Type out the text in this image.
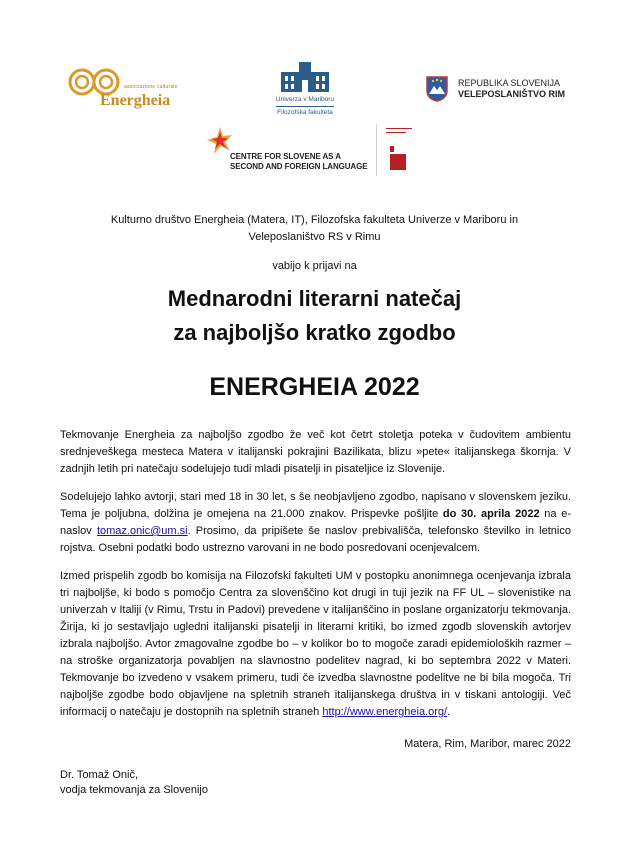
associazione culturale
Energheia	Univerza v Mariboru
Filozofska fakulteta
REPUBLIKA SLOVENIJA
VELEPOSLANIŠTVO RIM
CENTRE FOR SLOVENE AS A
SECOND AND FOREIGN LANGUAGE
Kulturno društvo Energheia (Matera, IT), Filozofska fakulteta Univerze v Mariboru in
Veleposlaništvo RS v Rimu
vabijo k prijavi na
Mednarodni literarni natečaj
za najboljšo kratko zgodbo
ENERGHEIA 2022
Tekmovanje Energheia za najboljšo zgodbo že več kot četrt stoletja poteka v čudovitem ambientu srednjeveškega mesteca Matera v italijanski pokrajini Bazilikata, blizu »pete« italijanskega škornja. V zadnjih letih pri natečaju sodelujejo tudi mladi pisatelji in pisateljice iz Slovenije.
Sodelujejo lahko avtorji, stari med 18 in 30 let, s še neobjavljeno zgodbo, napisano v slovenskem jeziku. Tema je poljubna, dolžina je omejena na 21.000 znakov. Prispevke pošljite do 30. aprila 2022 na e-naslov tomaz.onic@um.si. Prosimo, da pripišete še naslov prebivališča, telefonsko številko in letnico rojstva. Osebni podatki bodo ustrezno varovani in ne bodo posredovani ocenjevalcem.
Izmed prispelih zgodb bo komisija na Filozofski fakulteti UM v postopku anonimnega ocenjevanja izbrala tri najboljše, ki bodo s pomočjo Centra za slovenščino kot drugi in tuji jezik na FF UL – slovenistike na univerzah v Italiji (v Rimu, Trstu in Padovi) prevedene v italijanščino in poslane organizatorju tekmovanja. Žirija, ki jo sestavljajo ugledni italijanski pisatelji in literarni kritiki, bo izmed zgodb slovenskih avtorjev izbrala najboljšo. Avtor zmagovalne zgodbe bo – v kolikor bo to mogoče zaradi epidemioloških razmer – na stroške organizatorja povabljen na slavnostno podelitev nagrad, ki bo septembra 2022 v Materi. Tekmovanje bo izvedeno v vsakem primeru, tudi če izvedba slavnostne podelitve ne bi bila mogoča. Tri najboljše zgodbe bodo objavljene na spletnih straneh italijanskega društva in v tiskani antologiji. Več informacij o natečaju je dostopnih na spletnih straneh http://www.energheia.org/.
Matera, Rim, Maribor, marec 2022
Dr. Tomaž Onič,
vodja tekmovanja za Slovenijo
